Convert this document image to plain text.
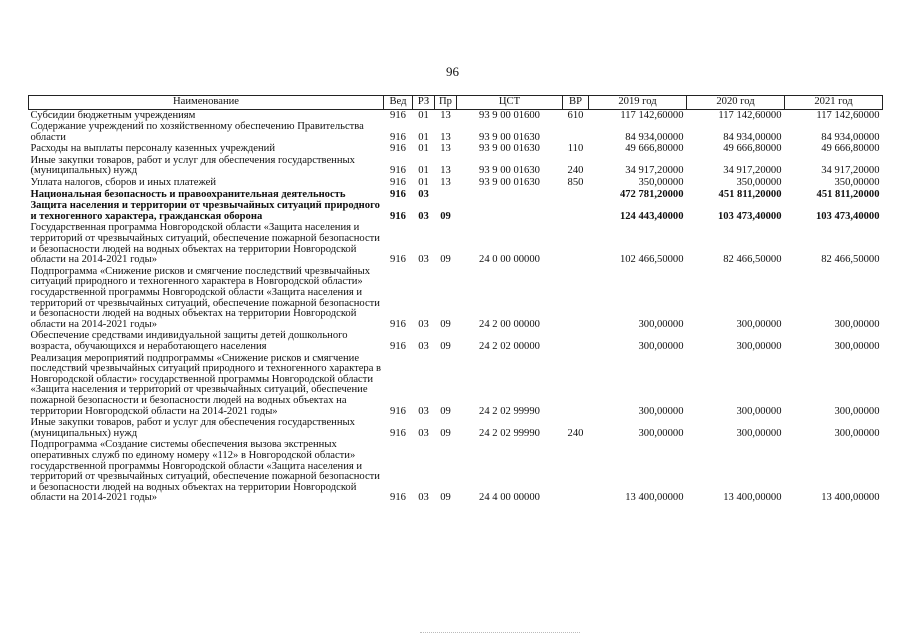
96
Наименование	Вед	РЗ	Пр	ЦСТ	ВР	2019 год	2020 год	2021 год
Субсидии бюджетным учреждениям	916	01	13	93 9 00 01600	610	117 142,60000	117 142,60000	117 142,60000
Содержание учреждений по хозяйственному обеспечению Правительства области	916	01	13	93 9 00 01630		84 934,00000	84 934,00000	84 934,00000
Расходы на выплаты персоналу казенных учреждений	916	01	13	93 9 00 01630	110	49 666,80000	49 666,80000	49 666,80000
Иные закупки товаров, работ и услуг для обеспечения государственных (муниципальных) нужд	916	01	13	93 9 00 01630	240	34 917,20000	34 917,20000	34 917,20000
Уплата налогов, сборов и иных платежей	916	01	13	93 9 00 01630	850	350,00000	350,00000	350,00000
Национальная безопасность и правоохранительная деятельность	916	03				472 781,20000	451 811,20000	451 811,20000
Защита населения и территории от чрезвычайных ситуаций природного и техногенного характера, гражданская оборона	916	03	09			124 443,40000	103 473,40000	103 473,40000
Государственная программа Новгородской области «Защита населения и территорий от чрезвычайных ситуаций, обеспечение пожарной безопасности и безопасности людей на водных объектах на территории Новгородской области на 2014-2021 годы»	916	03	09	24 0 00 00000		102 466,50000	82 466,50000	82 466,50000
Подпрограмма «Снижение рисков и смягчение последствий чрезвычайных ситуаций природного и техногенного характера в Новгородской области» государственной программы Новгородской области «Защита населения и территорий от чрезвычайных ситуаций, обеспечение пожарной безопасности и безопасности людей на водных объектах на территории Новгородской области на 2014-2021 годы»	916	03	09	24 2 00 00000		300,00000	300,00000	300,00000
Обеспечение средствами индивидуальной защиты детей дошкольного возраста, обучающихся и неработающего населения	916	03	09	24 2 02 00000		300,00000	300,00000	300,00000
Реализация мероприятий подпрограммы «Снижение рисков и смягчение последствий чрезвычайных ситуаций природного и техногенного характера в Новгородской области» государственной программы Новгородской области «Защита населения и территорий от чрезвычайных ситуаций, обеспечение пожарной безопасности и безопасности людей на водных объектах на территории Новгородской области на 2014-2021 годы»	916	03	09	24 2 02 99990		300,00000	300,00000	300,00000
Иные закупки товаров, работ и услуг для обеспечения государственных (муниципальных) нужд	916	03	09	24 2 02 99990	240	300,00000	300,00000	300,00000
Подпрограмма «Создание системы обеспечения вызова экстренных оперативных служб по единому номеру «112» в Новгородской области» государственной программы Новгородской области «Защита населения и территорий от чрезвычайных ситуаций, обеспечение пожарной безопасности и безопасности людей на водных объектах на территории Новгородской области на 2014-2021 годы»	916	03	09	24 4 00 00000		13 400,00000	13 400,00000	13 400,00000
